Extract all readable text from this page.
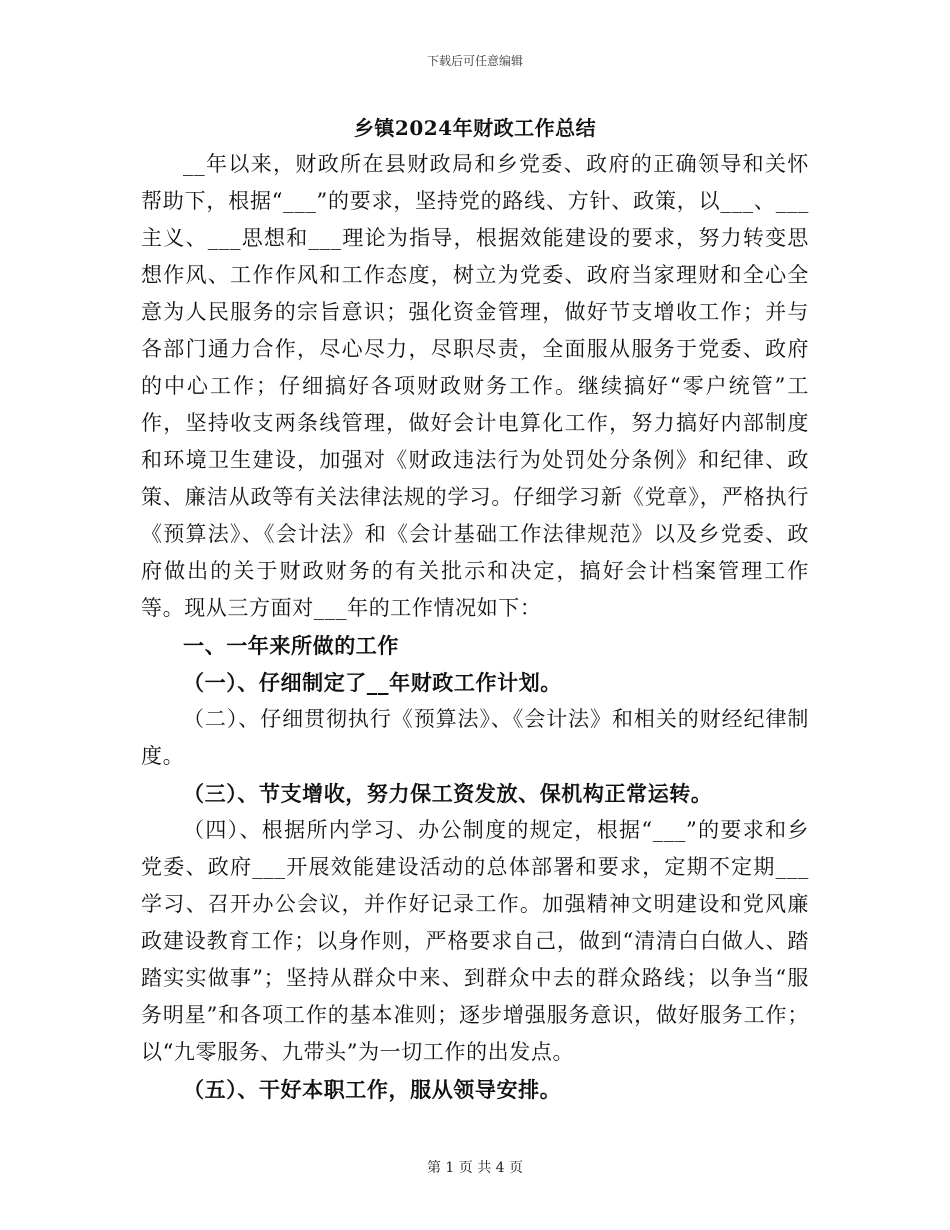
下载后可任意编辑
乡镇2024年财政工作总结

__年以来，财政所在县财政局和乡党委、政府的正确领导和关怀帮助下，根据“___”的要求，坚持党的路线、方针、政策，以___、___主义、___思想和___理论为指导，根据效能建设的要求，努力转变思想作风、工作作风和工作态度，树立为党委、政府当家理财和全心全意为人民服务的宗旨意识；强化资金管理，做好节支增收工作；并与各部门通力合作，尽心尽力，尽职尽责，全面服从服务于党委、政府的中心工作；仔细搞好各项财政财务工作。继续搞好“零户统管”工作，坚持收支两条线管理，做好会计电算化工作，努力搞好内部制度和环境卫生建设，加强对《财政违法行为处罚处分条例》和纪律、政策、廉洁从政等有关法律法规的学习。仔细学习新《党章》，严格执行《预算法》、《会计法》和《会计基础工作法律规范》以及乡党委、政府做出的关于财政财务的有关批示和决定，搞好会计档案管理工作等。现从三方面对___年的工作情况如下：

一、一年来所做的工作

（一）、仔细制定了__年财政工作计划。

（二）、仔细贯彻执行《预算法》、《会计法》和相关的财经纪律制度。

（三）、节支增收，努力保工资发放、保机构正常运转。

（四）、根据所内学习、办公制度的规定，根据“___”的要求和乡党委、政府___开展效能建设活动的总体部署和要求，定期不定期___学习、召开办公会议，并作好记录工作。加强精神文明建设和党风廉政建设教育工作；以身作则，严格要求自己，做到“清清白白做人、踏踏实实做事”；坚持从群众中来、到群众中去的群众路线；以争当“服务明星”和各项工作的基本准则；逐步增强服务意识，做好服务工作；以“九零服务、九带头”为一切工作的出发点。

（五）、干好本职工作，服从领导安排。

第 1 页 共 4 页
